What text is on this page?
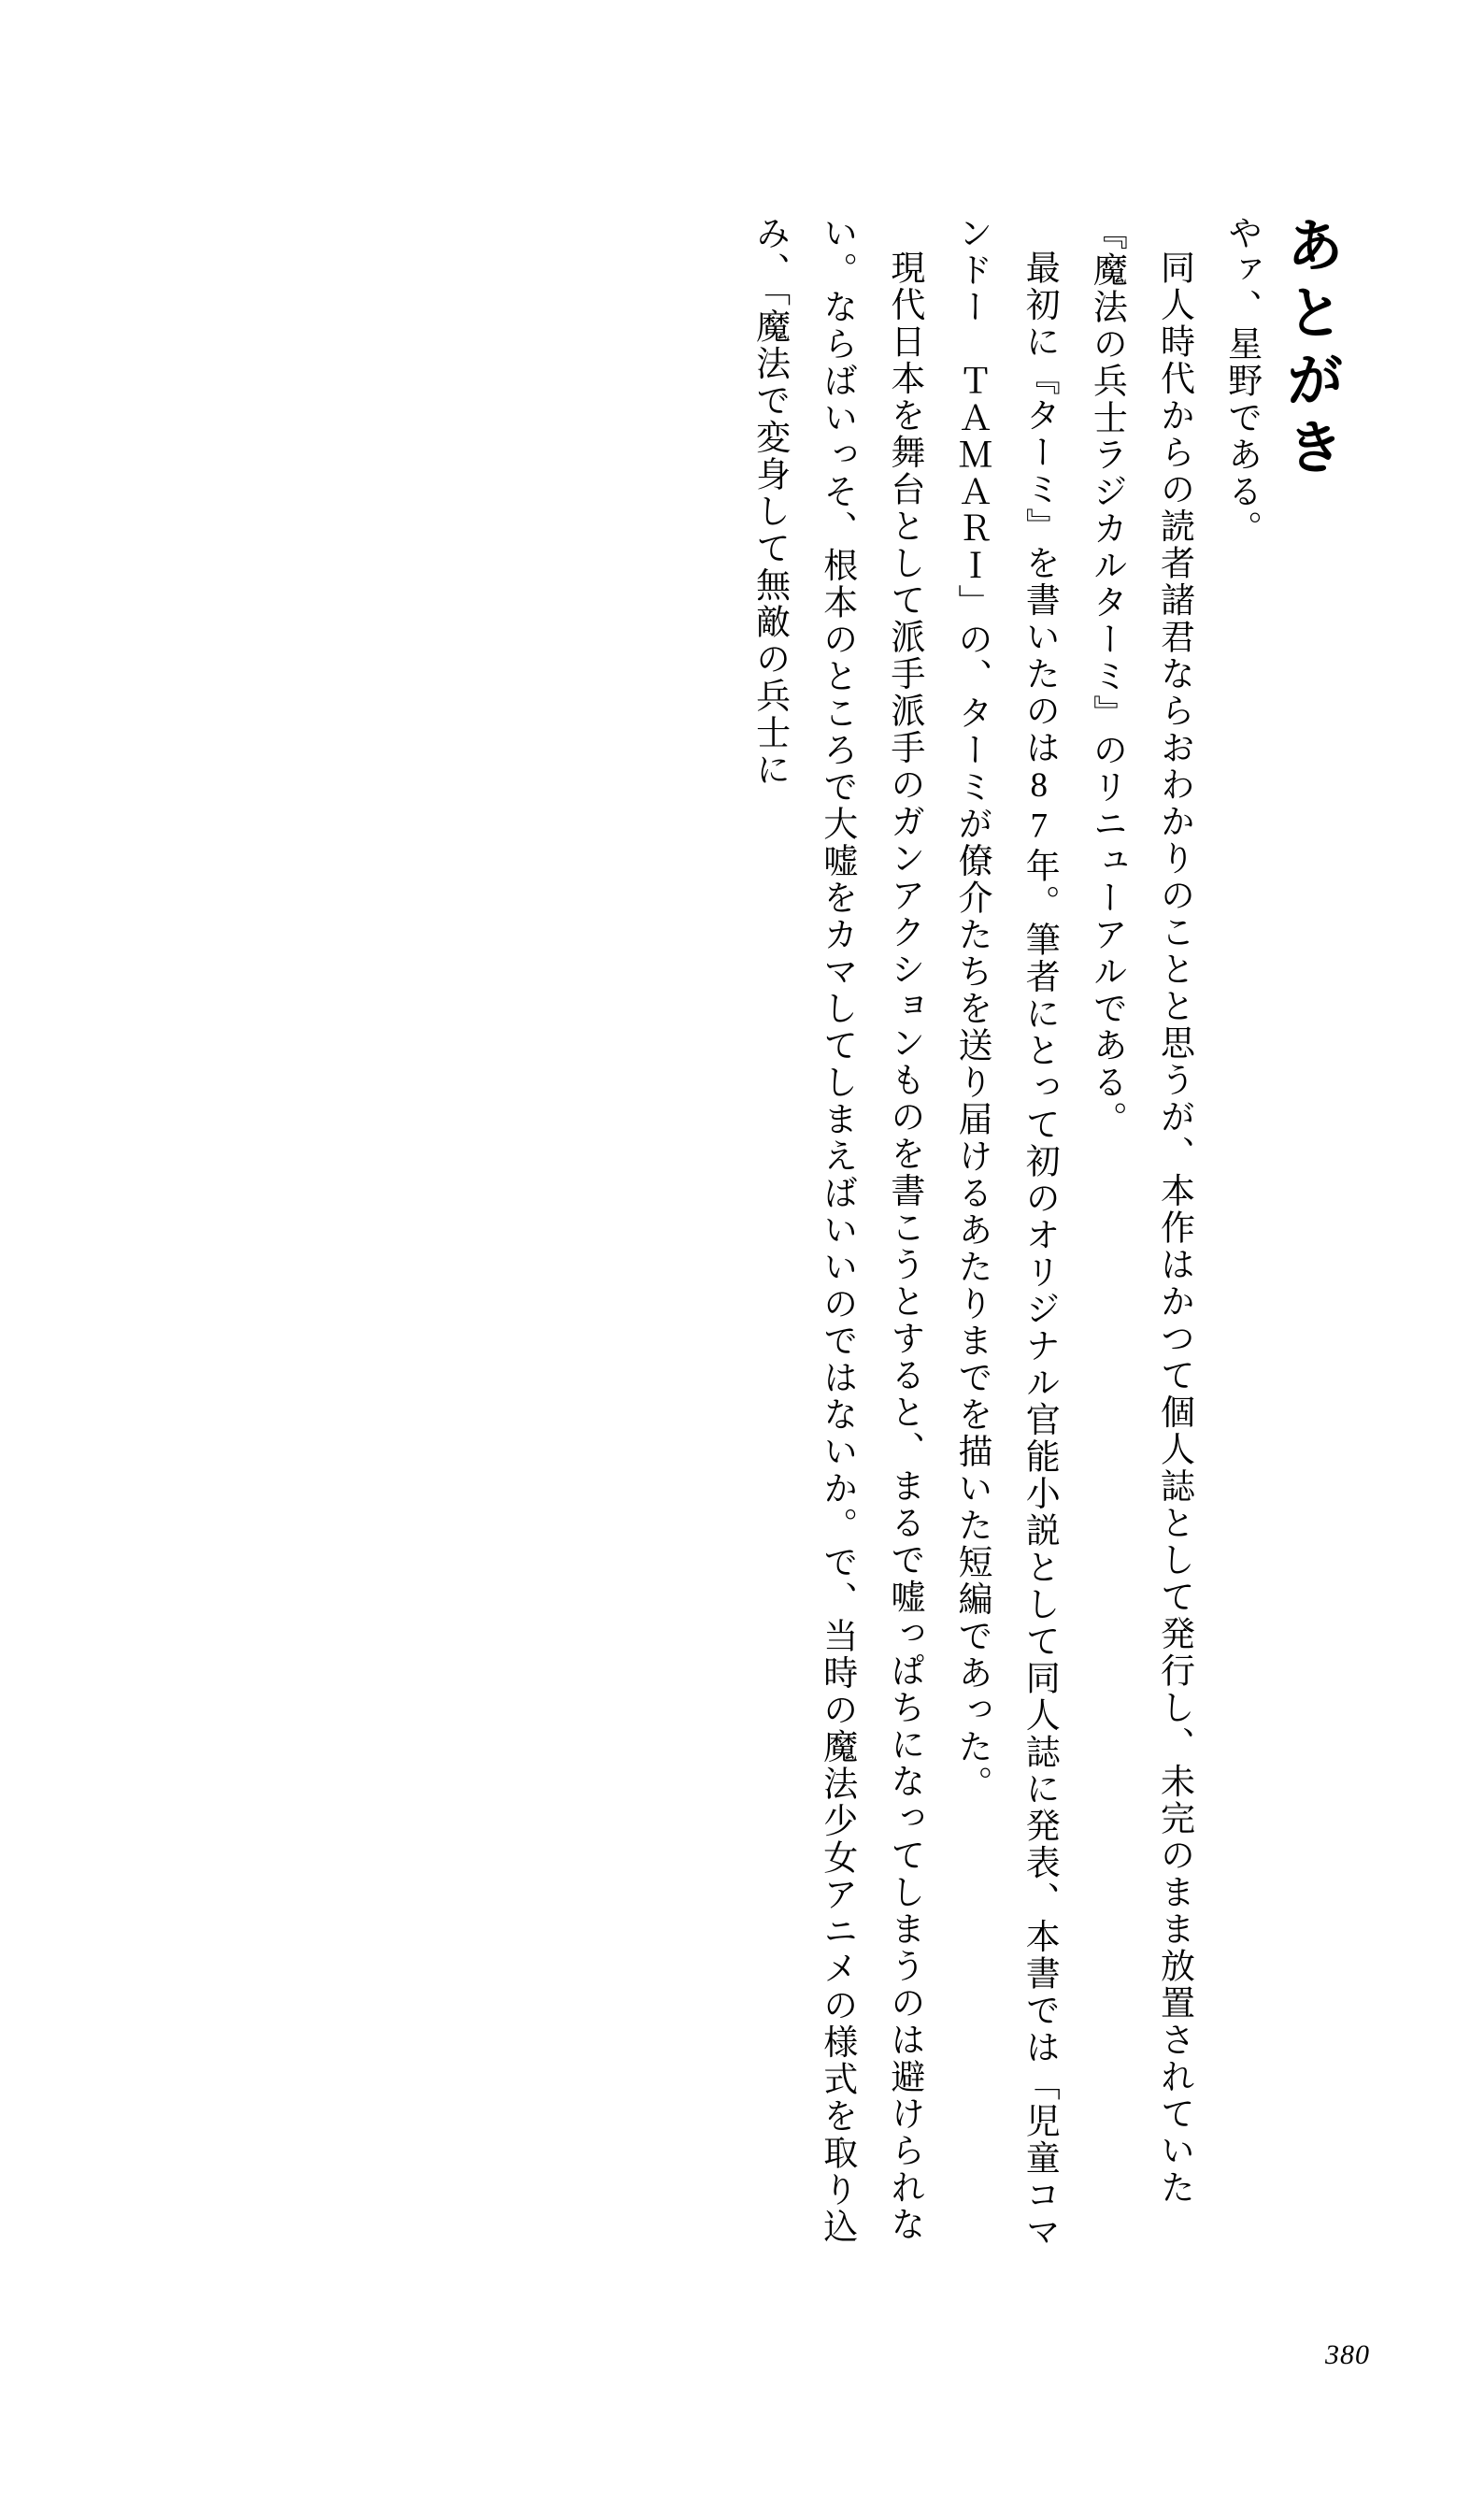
あとがき

やァ、星野である。

同人時代からの読者諸君ならおわかりのことと思うが、本作はかつて個人誌として発行し、未完のまま放置されていた『魔法の兵士ラジカルターミ』のリニューアルである。

最初に『ターミ』を書いたのは87年。筆者にとって初のオリジナル官能小説として同人誌に発表、本書では「児童コマンドー　ＴＡＭＡＲＩ」の、ターミが僚介たちを送り届けるあたりまでを描いた短編であった。

現代日本を舞台として派手派手のガンアクションものを書こうとすると、まるで嘘っぱちになってしまうのは避けられない。ならばいっそ、根本のところで大嘘をカマしてしまえばいいのではないか。で、当時の魔法少女アニメの様式を取り込み、「魔法で変身して無敵の兵士に

380
